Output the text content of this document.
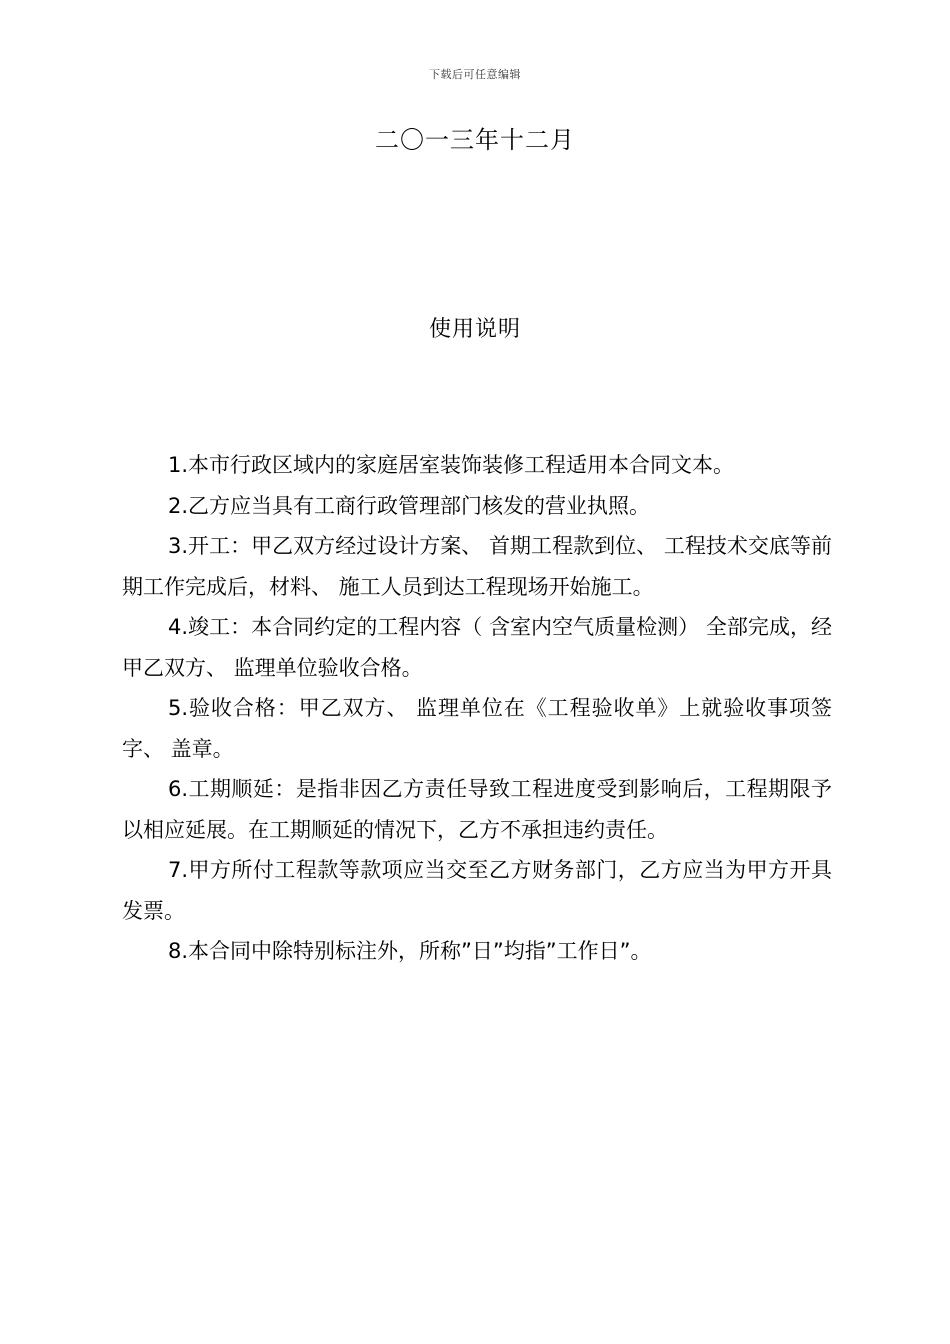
下载后可任意编辑
二〇一三年十二月
使用说明
1.本市行政区域内的家庭居室装饰装修工程适用本合同文本。
2.乙方应当具有工商行政管理部门核发的营业执照。
3.开工：甲乙双方经过设计方案、 首期工程款到位、 工程技术交底等前期工作完成后，材料、 施工人员到达工程现场开始施工。
4.竣工：本合同约定的工程内容（ 含室内空气质量检测） 全部完成，经甲乙双方、 监理单位验收合格。
5.验收合格：甲乙双方、 监理单位在《工程验收单》上就验收事项签字、 盖章。
6.工期顺延：是指非因乙方责任导致工程进度受到影响后，工程期限予以相应延展。在工期顺延的情况下，乙方不承担违约责任。
7.甲方所付工程款等款项应当交至乙方财务部门，乙方应当为甲方开具发票。
8.本合同中除特别标注外，所称”日”均指”工作日”。
